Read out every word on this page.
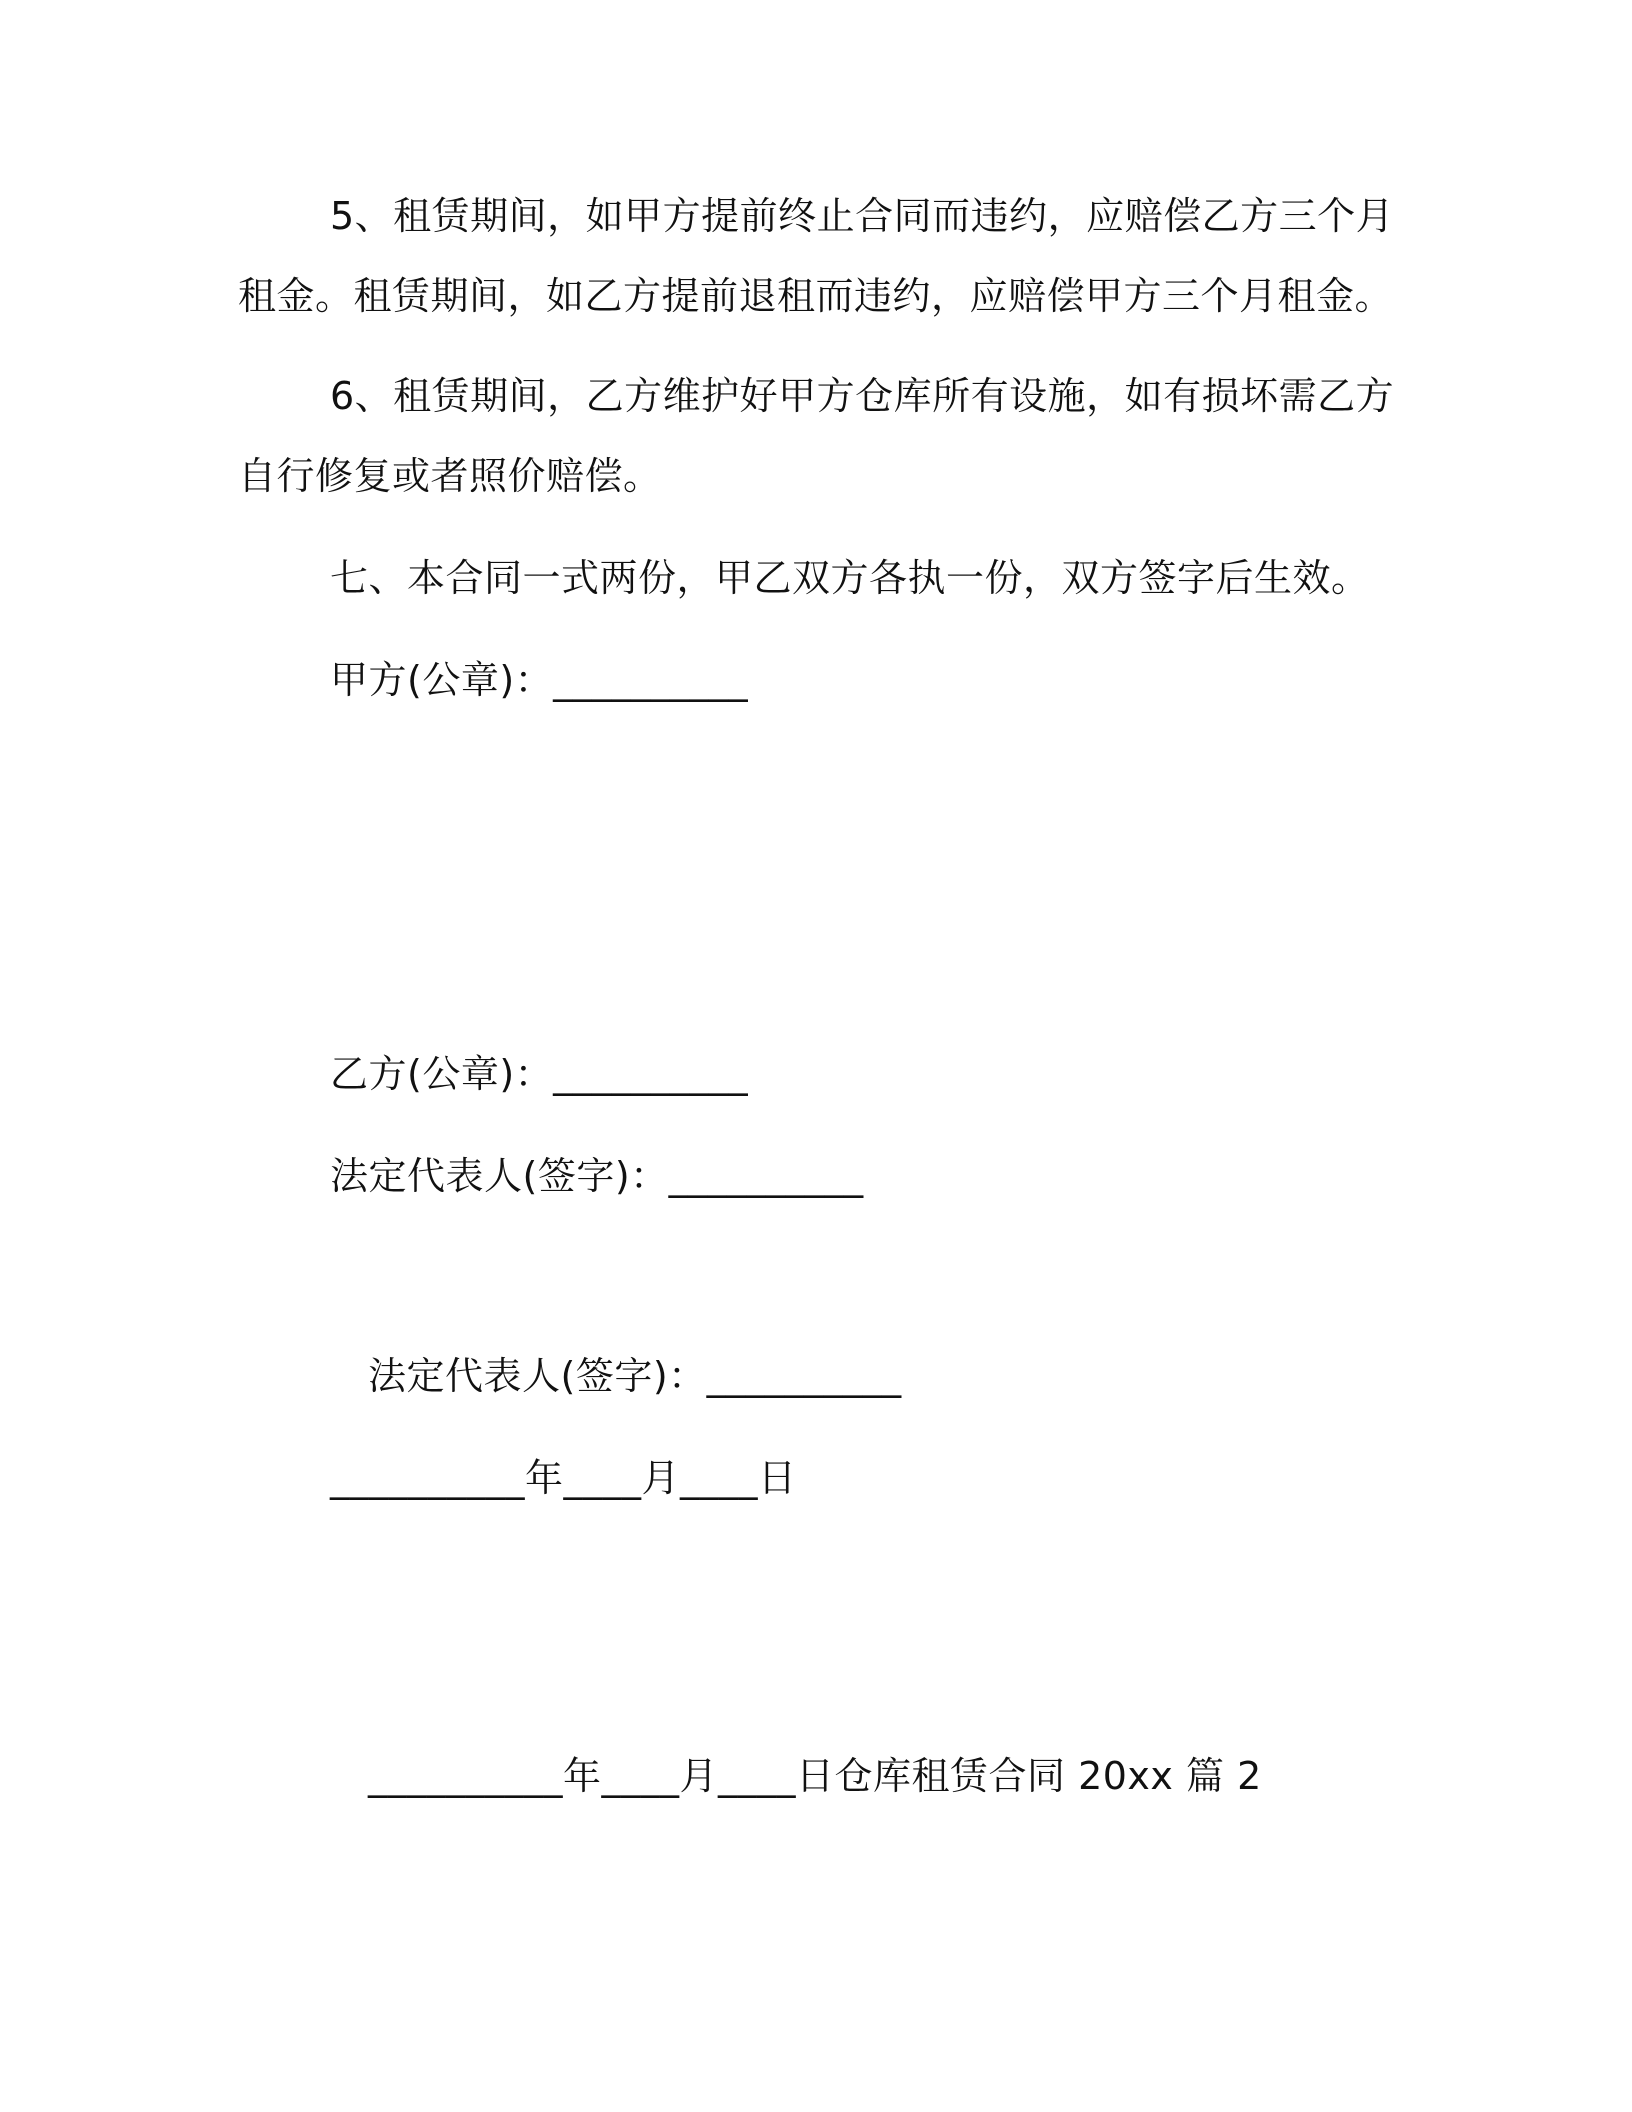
5、租赁期间，如甲方提前终止合同而违约，应赔偿乙方三个月
租金。租赁期间，如乙方提前退租而违约，应赔偿甲方三个月租金。
6、租赁期间，乙方维护好甲方仓库所有设施，如有损坏需乙方
自行修复或者照价赔偿。
七、本合同一式两份，甲乙双方各执一份，双方签字后生效。
甲方(公章)：__________
乙方(公章)：__________
法定代表人(签字)：__________
法定代表人(签字)：__________
__________年____月____日
__________年____月____日仓库租赁合同 20xx 篇 2
